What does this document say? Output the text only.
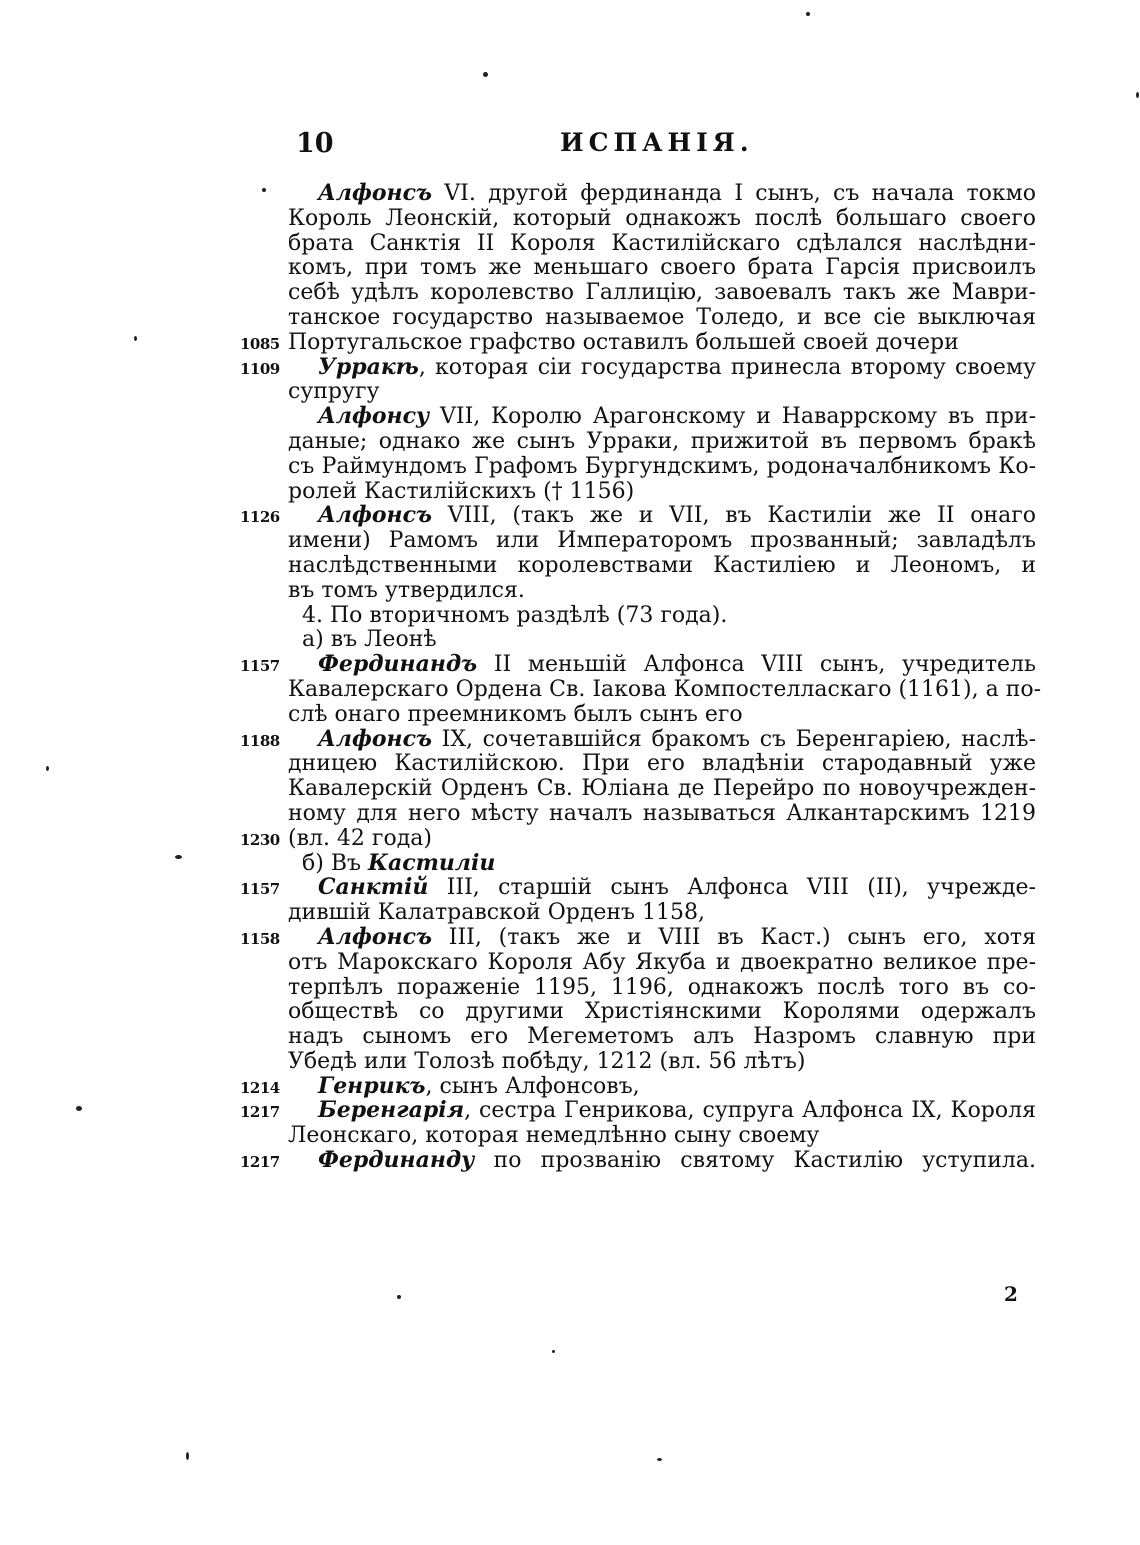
10	ИСПАНІЯ.
Алфонсъ VI. другой фердинанда I сынъ, съ начала токмо
Король Леонскій, который однакожъ послѣ большаго своего
брата Санктія II Короля Кастилійскаго сдѣлался наслѣдни-
комъ, при томъ же меньшаго своего брата Гарсія присвоилъ
себѣ удѣлъ королевство Галлицію, завоевалъ такъ же Маври-
танское государство называемое Толедо, и все сіе выключая
1085 Португальское графство оставилъ большей своей дочери
1109 Урракѣ, которая сіи государства принесла второму своему
супругу
Алфонсу VII, Королю Арагонскому и Наваррскому въ при-
даные; однако же сынъ Урраки, прижитой въ первомъ бракѣ
съ Раймундомъ Графомъ Бургундскимъ, родоначалбникомъ Ко-
ролей Кастилійскихъ († 1156)
1126 Алфонсъ VIII, (такъ же и VII, въ Кастиліи же II онаго
имени) Рамомъ или Императоромъ прозванный; завладѣлъ
наслѣдственными королевствами Кастиліею и Леономъ, и
въ томъ утвердился.
4. По вторичномъ раздѣлѣ (73 года).
а) въ Леонѣ
1157 Фердинандъ II меньшій Алфонса VIII сынъ, учредитель
Кавалерскаго Ордена Св. Іакова Компостелласкаго (1161), а по-
слѣ онаго преемникомъ былъ сынъ его
1188 Алфонсъ IX, сочетавшійся бракомъ съ Беренгаріею, наслѣ-
дницею Кастилійскою. При его владѣніи стародавный уже
Кавалерскій Орденъ Св. Юліана де Перейро по новоучрежден-
ному для него мѣсту началъ называться Алкантарскимъ 1219
1230 (вл. 42 года)
б) Въ Кастиліи
1157 Санктій III, старшій сынъ Алфонса VIII (II), учрежде-
дившій Калатравской Орденъ 1158,
1158 Алфонсъ III, (такъ же и VIII въ Каст.) сынъ его, хотя
отъ Марокскаго Короля Абу Якуба и двоекратно великое пре-
терпѣлъ пораженіе 1195, 1196, однакожъ послѣ того въ со-
обществѣ со другими Христіянскими Королями одержалъ
надъ сыномъ его Мегеметомъ алъ Назромъ славную при
Убедѣ или Толозѣ побѣду, 1212 (вл. 56 лѣтъ)
1214 Генрикъ, сынъ Алфонсовъ,
1217 Беренгарія, сестра Генрикова, супруга Алфонса IX, Короля
Леонскаго, которая немедлѣнно сыну своему
1217 Фердинанду по прозванію святому Кастилію уступила.
2
